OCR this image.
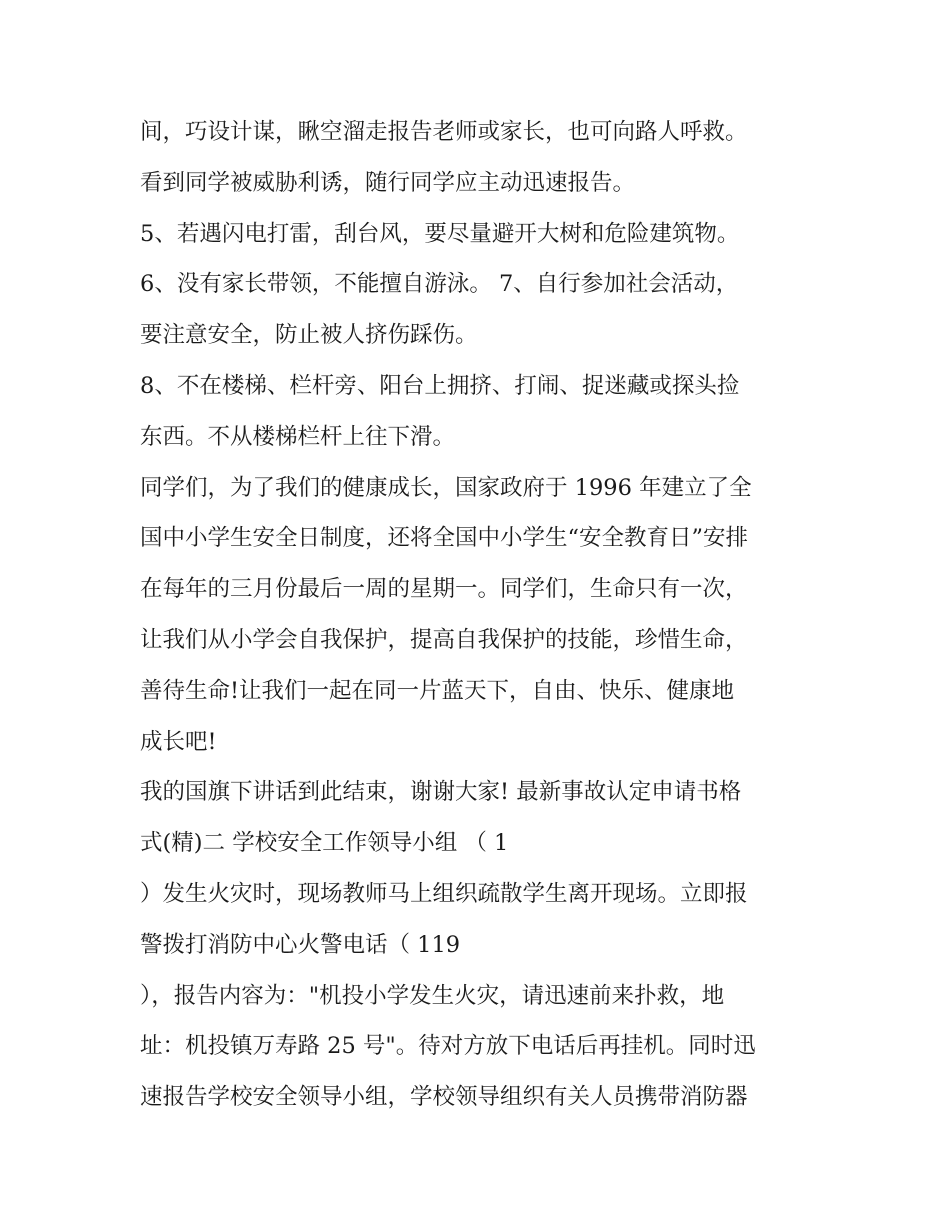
间，巧设计谋，瞅空溜走报告老师或家长，也可向路人呼救。
看到同学被威胁利诱，随行同学应主动迅速报告。
5、若遇闪电打雷，刮台风，要尽量避开大树和危险建筑物。
6、没有家长带领，不能擅自游泳。 7、自行参加社会活动，
要注意安全，防止被人挤伤踩伤。
8、不在楼梯、栏杆旁、阳台上拥挤、打闹、捉迷藏或探头捡
东西。不从楼梯栏杆上往下滑。
同学们，为了我们的健康成长，国家政府于 1996 年建立了全
国中小学生安全日制度，还将全国中小学生“安全教育日”安排
在每年的三月份最后一周的星期一。同学们，生命只有一次，
让我们从小学会自我保护，提高自我保护的技能，珍惜生命，
善待生命!让我们一起在同一片蓝天下，自由、快乐、健康地
成长吧!
我的国旗下讲话到此结束，谢谢大家! 最新事故认定申请书格
式(精)二 学校安全工作领导小组 （ 1
）发生火灾时，现场教师马上组织疏散学生离开现场。立即报
警拨打消防中心火警电话（ 119
），报告内容为："机投小学发生火灾，请迅速前来扑救，地
址：机投镇万寿路 25 号"。待对方放下电话后再挂机。同时迅
速报告学校安全领导小组，学校领导组织有关人员携带消防器
